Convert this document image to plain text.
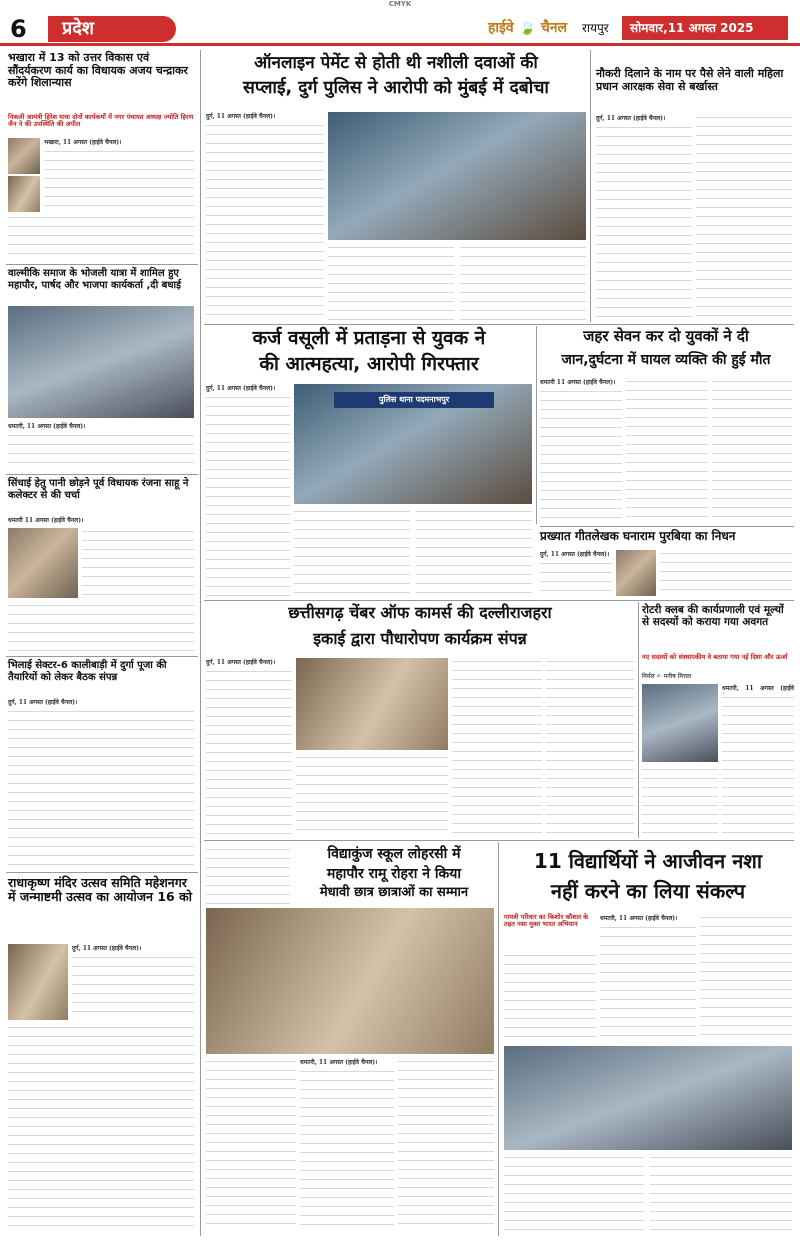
CMYK
6	प्रदेश	हाईवे 🍃 चैनल	रायपुर	सोमवार,11 अगस्त 2025
भखारा में 13 को उत्तर विकास एवं सौंदर्यकरण कार्य का विधायक अजय चन्द्राकर करेंगे शिलान्यास
निकली आमंत्री हिरेश यावा दोनों कार्यकर्मो में नगर पंचायत अध्यक्ष ज्योति हिरण जैन ने की उपस्थिति की अपील
भखारा, 11 अगस्त (हाईवे चैनल)।
वाल्मीकि समाज के भोजली यात्रा में शामिल हुए महापौर, पार्षद और भाजपा कार्यकर्ता ,दी बधाई
धमतरी, 11 अगस्त (हाईवे चैनल)।
सिंचाई हेतु पानी छोड़ने पूर्व विधायक रंजना साहू ने कलेक्टर से की चर्चा
धमतरी 11 अगस्त (हाईवे चैनल)।
भिलाई सेक्टर-6 कालीबाड़ी में दुर्गा पूजा की तैयारियों को लेकर बैठक संपन्न
दुर्ग, 11 अगस्त (हाईवे चैनल)।
राधाकृष्ण मंदिर उत्सव समिति महेशनगर में जन्माष्टमी उत्सव का आयोजन 16 को
दुर्ग, 11 अगस्त (हाईवे चैनल)।
ऑनलाइन पेमेंट से होती थी नशीली दवाओं की
सप्लाई, दुर्ग पुलिस ने आरोपी को मुंबई में दबोचा
दुर्ग, 11 अगस्त (हाईवे चैनल)।
नौकरी दिलाने के नाम पर पैसे लेने वाली महिला प्रधान आरक्षक सेवा से बर्खास्त
दुर्ग, 11 अगस्त (हाईवे चैनल)।
कर्ज वसूली में प्रताड़ना से युवक ने
की आत्महत्या, आरोपी गिरफ्तार
दुर्ग, 11 अगस्त (हाईवे चैनल)।
पुलिस थाना पदमनाभपुर
जहर सेवन कर दो युवकों ने दी
जान,दुर्घटना में घायल व्यक्ति की हुई मौत
धमतरी 11 अगस्त (हाईवे चैनल)।
प्रख्यात गीतलेखक घनाराम पुरबिया का निधन
दुर्ग, 11 अगस्त (हाईवे चैनल)।
छत्तीसगढ़ चेंबर ऑफ कामर्स की दल्लीराजहरा
इकाई द्वारा पौधारोपण कार्यक्रम संपन्न
दुर्ग, 11 अगस्त (हाईवे चैनल)।
रोटरी क्लब की कार्यप्रणाली एवं मूल्यों से सदस्यों को कराया गया अवगत
नए सदस्यों को संस्थापकीय वे बताया गया नई दिशा और ऊर्जा
निर्मल ✍ मनीष मित्तल
धमतरी, 11 अगस्त (हाईवे
विद्याकुंज स्कूल लोहरसी में
महापौर रामू रोहरा ने किया
मेधावी छात्र छात्राओं का सम्मान
धमतरी, 11 अगस्त (हाईवे चैनल)।
11 विद्यार्थियों ने आजीवन नशा
नहीं करने का लिया संकल्प
गायत्री परिवार का किशोर कौशल के तहत नशा मुक्त भारत अभियान
धमतरी, 11 अगस्त (हाईवे चैनल)।
